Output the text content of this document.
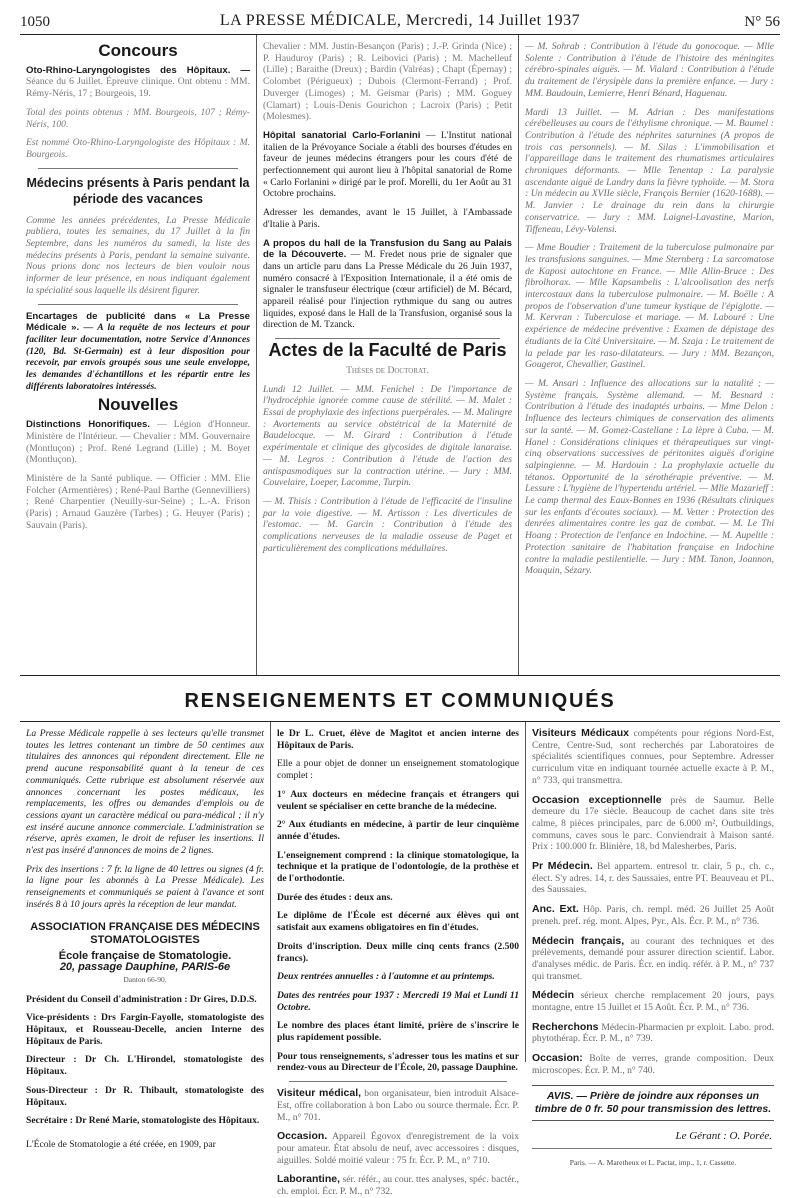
1050	LA PRESSE MÉDICALE, Mercredi, 14 Juillet 1937	N° 56
Concours
Oto-Rhino-Laryngologistes des Hôpitaux. — Séance du 6 Juillet. Épreuve clinique. Ont obtenu : MM. Rémy-Néris, 17 ; Bourgeois, 19.
Total des points obtenus : MM. Bourgeois, 107 ; Rémy-Néris, 100.
Est nommé Oto-Rhino-Laryngologiste des Hôpitaux : M. Bourgeois.
Médecins présents à Paris pendant la période des vacances
Comme les années précédentes, La Presse Médicale publiera, toutes les semaines, du 17 Juillet à la fin Septembre, dans les numéros du samedi, la liste des médecins présents à Paris, pendant la semaine suivante. Nous prions donc nos lecteurs de bien vouloir nous informer de leur présence, en nous indiquant également la spécialité sous laquelle ils désirent figurer.
Encartages de publicité dans « La Presse Médicale ». — A la requête de nos lecteurs et pour faciliter leur documentation, notre Service d'Annonces (120, Bd. St-Germain) est à leur disposition pour recevoir, par envois groupés sous une seule enveloppe, les demandes d'échantillons et les répartir entre les différents laboratoires intéressés.
Nouvelles
Distinctions Honorifiques. — Légion d'Honneur. Ministère de l'Intérieur. — Chevalier : MM. Gouvernaire (Montluçon) ; Prof. René Legrand (Lille) ; M. Boyet (Montluçon).
Ministère de la Santé publique. — Officier : MM. Elie Folcher (Armentières) ; René-Paul Barthe (Gennevilliers) ; René Charpentier (Neuilly-sur-Seine) ; L.-A. Frison (Paris) ; Arnaud Gauzère (Tarbes) ; G. Heuyer (Paris) ; Sauvain (Paris).
Chevalier : MM. Justin-Besançon (Paris) ; J.-P. Grinda (Nice) ; P. Hauduroy (Paris) ; R. Leibovici (Paris) ; M. Machelleuf (Lille) ; Baraithe (Dreux) ; Bardin (Valréas) ; Chapt (Épernay) ; Colombet (Périgueux) ; Dubois (Clermont-Ferrand) ; Prof. Duverger (Limoges) ; M. Geismar (Paris) ; MM. Goguey (Clamart) ; Louis-Denis Gourichon ; Lacroix (Paris) ; Petit (Molesmes).
Hôpital sanatorial Carlo-Forlanini — L'Institut national italien de la Prévoyance Sociale a établi des bourses d'études en faveur de jeunes médecins étrangers pour les cours d'été de perfectionnement qui auront lieu à l'hôpital sanatorial de Rome « Carlo Forlanini » dirigé par le prof. Morelli, du 1er Août au 31 Octobre prochains.
Adresser les demandes, avant le 15 Juillet, à l'Ambassade d'Italie à Paris.
A propos du hall de la Transfusion du Sang au Palais de la Découverte. — M. Fredet nous prie de signaler que dans un article paru dans La Presse Médicale du 26 Juin 1937, numéro consacré à l'Exposition Internationale, il a été omis de signaler le transfuseur électrique (cœur artificiel) de M. Bécard, appareil réalisé pour l'injection rythmique du sang ou autres liquides, exposé dans le Hall de la Transfusion, organisé sous la direction de M. Tzanck.
Actes de la Faculté de Paris
Thèses de Doctorat.
Lundi 12 Juillet. — MM. Fenichel : De l'importance de l'hydrocéphie ignorée comme cause de stérilité. — M. Malet : Essai de prophylaxie des infections puerpérales. — M. Malingre : Avortements au service obstétrical de la Maternité de Baudelocque. — M. Girard : Contribution à l'étude expérimentale et clinique des glycosides de digitale lanaraise. — M. Legros : Contribution à l'étude de l'action des antispasmodiques sur la contraction utérine. — Jury : MM. Couvelaire, Loeper, Lacomme, Turpin.
— M. Thisis : Contribution à l'étude de l'efficacité de l'insuline par la voie digestive. — M. Artisson : Les diverticules de l'estomac. — M. Garcin : Contribution à l'étude des complications nerveuses de la maladie osseuse de Paget et particulièrement des complications médullaires.
— M. Sohrab : Contribution à l'étude du gonocoque. — Mlle Solente : Contribution à l'étude de l'histoire des méningites cérébro-spinales aiguës. — M. Vialard : Contribution à l'étude du traitement de l'érysipèle dans la première enfance. — Jury : MM. Baudouin, Lemierre, Henri Bénard, Haguenau.
Mardi 13 Juillet. — M. Adrian : Des manifestations cérébelleuses au cours de l'éthylisme chronique. — M. Baumel : Contribution à l'étude des néphrites saturnines (A propos de trois cas personnels). — M. Silas : L'immobilisation et l'appareillage dans le traitement des rhumatismes articulaires chroniques déformants. — Mlle Tenentap : La paralysie ascendante aiguë de Landry dans la fièvre typhoïde. — M. Stora : Un médecin au XVIIe siècle, François Bernier (1620-1688). — M. Janvier : Le drainage du rein dans la chirurgie conservatrice. — Jury : MM. Laignel-Lavastine, Marion, Tiffeneau, Lévy-Valensi.
— Mme Boudier : Traitement de la tuberculose pulmonaire par les transfusions sanguines. — Mme Sternberg : La sarcomatose de Kaposi autochtone en France. — Mlle Allin-Bruce : Des fibrolhorax. — Mlle Kapsambelis : L'alcoolisation des nerfs intercostaux dans la tuberculose pulmonaire. — M. Boëlle : A propos de l'observation d'une tumeur kystique de l'épiglotte. — M. Kervran : Tuberculose et mariage. — M. Labouré : Une expérience de médecine préventive : Examen de dépistage des étudiants de la Cité Universitaire. — M. Szaja : Le traitement de la pelade par les raso-dilatateurs. — Jury : MM. Bezançon, Gougerot, Chevallier, Gastinel.
— M. Ansari : Influence des allocations sur la natalité ; — Système français. Système allemand. — M. Besnard : Contribution à l'étude des inadaptés urbains. — Mme Delon : Influence des lecteurs chimiques de conservation des aliments sur la santé. — M. Gomez-Castellane : La lèpre à Cuba. — M. Hanel : Considérations cliniques et thérapeutiques sur vingt-cinq observations successives de péritonites aiguës d'origine salpingienne. — M. Hardouin : La prophylaxie actuelle du tétanos. Opportunité de la sérothérapie préventive. — M. Lessure : L'hygiène de l'hypertendu artériel. — Mlle Mazarieff : Le camp thermal des Eaux-Bonnes en 1936 (Résultats cliniques sur les enfants d'écoutes sociaux). — M. Vetter : Protection des denrées alimentaires contre les gaz de combat. — M. Le Thi Hoang : Protection de l'enfance en Indochine. — M. Aupeltle : Protection sanitaire de l'habitation française en Indochine contre la maladie pestilentielle. — Jury : MM. Tanon, Joannon, Mouquin, Sézary.
RENSEIGNEMENTS ET COMMUNIQUÉS
La Presse Médicale rappelle à ses lecteurs qu'elle transmet toutes les lettres contenant un timbre de 50 centimes aux titulaires des annonces qui répondent directement. Elle ne prend aucune responsabilité quant à la teneur de ces communiqués. Cette rubrique est absolument réservée aux annonces concernant les postes médicaux, les remplacements, les offres ou demandes d'emplois ou de cessions ayant un caractère médical ou para-médical ; il n'y est inséré aucune annonce commerciale. L'administration se réserve, après examen, le droit de refuser les insertions. Il n'est pas inséré d'annonces de moins de 2 lignes.
Prix des insertions : 7 fr. la ligne de 40 lettres ou signes (4 fr. la ligne pour les abonnés à La Presse Médicale). Les renseignements et communiqués se paient à l'avance et sont insérés 8 à 10 jours après la réception de leur mandat.
ASSOCIATION FRANÇAISE DES MÉDECINS STOMATOLOGISTES
École française de Stomatologie.
20, passage Dauphine, PARIS-6e
Danton 66-90.
Président du Conseil d'administration : Dr Gires, D.D.S.
Vice-présidents : Drs Fargin-Fayolle, stomatologiste des Hôpitaux, et Rousseau-Decelle, ancien Interne des Hôpitaux de Paris.
Directeur : Dr Ch. L'Hirondel, stomatologiste des Hôpitaux.
Sous-Directeur : Dr R. Thibault, stomatologiste des Hôpitaux.
Secrétaire : Dr René Marie, stomatologiste des Hôpitaux.
L'École de Stomatologie a été créée, en 1909, par
le Dr L. Cruet, élève de Magitot et ancien interne des Hôpitaux de Paris.
Elle a pour objet de donner un enseignement stomatologique complet :
1° Aux docteurs en médecine français et étrangers qui veulent se spécialiser en cette branche de la médecine.
2° Aux étudiants en médecine, à partir de leur cinquième année d'études.
L'enseignement comprend : la clinique stomatologique, la technique et la pratique de l'odontologie, de la prothèse et de l'orthodontie.
Durée des études : deux ans.
Le diplôme de l'École est décerné aux élèves qui ont satisfait aux examens obligatoires en fin d'études.
Droits d'inscription. Deux mille cinq cents francs (2.500 francs).
Deux rentrées annuelles : à l'automne et au printemps.
Dates des rentrées pour 1937 : Mercredi 19 Mai et Lundi 11 Octobre.
Le nombre des places étant limité, prière de s'inscrire le plus rapidement possible.
Pour tous renseignements, s'adresser tous les matins et sur rendez-vous au Directeur de l'École, 20, passage Dauphine.
Visiteur médical, bon organisateur, bien introduit Alsace-Est, offre collaboration à bon Labo ou source thermale. Écr. P. M., n° 701.
Occasion. Appareil Égovox d'enregistrement de la voix pour amateur. État absolu de neuf, avec accessoires : disques, aiguilles. Soldé moitié valeur : 75 fr. Écr. P. M., n° 710.
Laborantine, sér. référ., au cour. ttes analyses, spéc. bactér., ch. emploi. Écr. P. M., n° 732.
Visiteurs Médicaux compétents pour régions Nord-Est, Centre, Centre-Sud, sont recherchés par Laboratoires de spécialités scientifiques connues, pour Septembre. Adresser curriculum vitæ en indiquant tournée actuelle exacte à P. M., n° 733, qui transmettra.
Occasion exceptionnelle près de Saumur. Belle demeure du 17e siècle. Beaucoup de cachet dans site très calme, 8 pièces principales, parc de 6.000 m², Outbuildings, communs, caves sous le parc. Conviendrait à Maison santé. Prix : 100.000 fr. Blinière, 18, bd Malesherbes, Paris.
Pr Médecin. Bel appartem. entresol tr. clair, 5 p., ch. c., élect. S'y adres. 14, r. des Saussaies, entre PT. Beauveau et PL. des Saussaies.
Anc. Ext. Hôp. Paris, ch. rempl. méd. 26 Juillet 25 Août preneh. pref. rég. mont. Alpes, Pyr., Als. Écr. P. M., n° 736.
Médecin français, au courant des techniques et des prélèvements, demandé pour assurer direction scientif. Labor. d'analyses médic. de Paris. Écr. en indiq. référ. à P. M., n° 737 qui transmet.
Médecin sérieux cherche remplacement 20 jours, pays montagne, entre 15 Juillet et 15 Août. Écr. P. M., n° 736.
Recherchons Médecin-Pharmacien pr exploit. Labo. prod. phytothérap. Écr. P. M., n° 739.
Occasion: Boîte de verres, grande composition. Deux microscopes. Écr. P. M., n° 740.
AVIS. — Prière de joindre aux réponses un timbre de 0 fr. 50 pour transmission des lettres.
Le Gérant : O. Porée.
Paris. — A. Maretheux et L. Pactat, imp., 1, r. Cassette.
